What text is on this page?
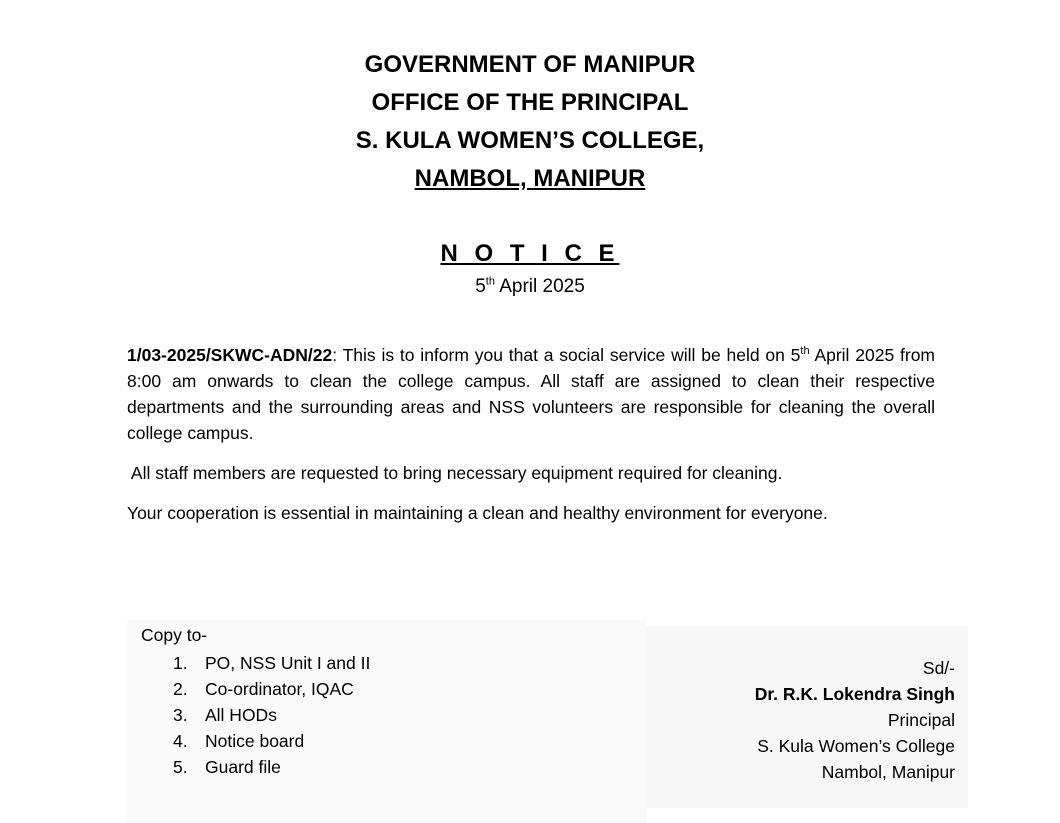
GOVERNMENT OF MANIPUR
OFFICE OF THE PRINCIPAL
S. KULA WOMEN’S COLLEGE,
NAMBOL, MANIPUR
N O T I C E
5th April 2025
1/03-2025/SKWC-ADN/22: This is to inform you that a social service will be held on 5th April 2025 from 8:00 am onwards to clean the college campus. All staff are assigned to clean their respective departments and the surrounding areas and NSS volunteers are responsible for cleaning the overall college campus.
All staff members are requested to bring necessary equipment required for cleaning.
Your cooperation is essential in maintaining a clean and healthy environment for everyone.
Copy to-
1. PO, NSS Unit I and II
2. Co-ordinator, IQAC
3. All HODs
4. Notice board
5. Guard file
Sd/-
Dr. R.K. Lokendra Singh
Principal
S. Kula Women’s College
Nambol, Manipur
